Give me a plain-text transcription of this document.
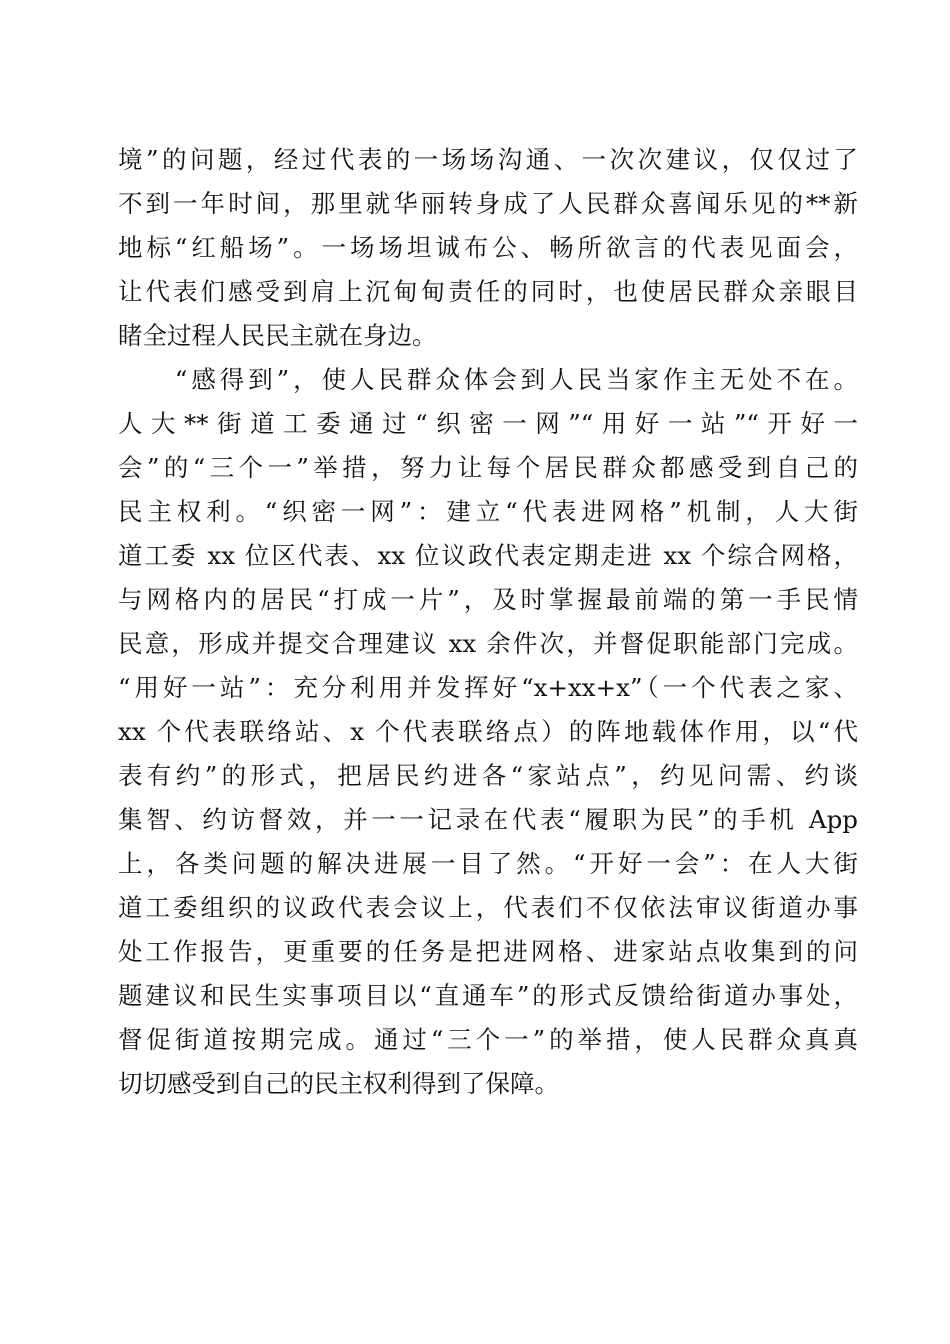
境”的问题，经过代表的一场场沟通、一次次建议，仅仅过了
不到一年时间，那里就华丽转身成了人民群众喜闻乐见的**新
地标“红船场”。一场场坦诚布公、畅所欲言的代表见面会，
让代表们感受到肩上沉甸甸责任的同时，也使居民群众亲眼目
睹全过程人民民主就在身边。
　　“感得到”，使人民群众体会到人民当家作主无处不在。
人大**街道工委通过“织密一网”“用好一站”“开好一
会”的“三个一”举措，努力让每个居民群众都感受到自己的
民主权利。“织密一网”：建立“代表进网格”机制，人大街
道工委 xx 位区代表、xx 位议政代表定期走进 xx 个综合网格，
与网格内的居民“打成一片”，及时掌握最前端的第一手民情
民意，形成并提交合理建议 xx 余件次，并督促职能部门完成。
“用好一站”：充分利用并发挥好“x+xx+x”（一个代表之家、
xx 个代表联络站、x 个代表联络点）的阵地载体作用，以“代
表有约”的形式，把居民约进各“家站点”，约见问需、约谈
集智、约访督效，并一一记录在代表“履职为民”的手机 App
上，各类问题的解决进展一目了然。“开好一会”：在人大街
道工委组织的议政代表会议上，代表们不仅依法审议街道办事
处工作报告，更重要的任务是把进网格、进家站点收集到的问
题建议和民生实事项目以“直通车”的形式反馈给街道办事处，
督促街道按期完成。通过“三个一”的举措，使人民群众真真
切切感受到自己的民主权利得到了保障。
